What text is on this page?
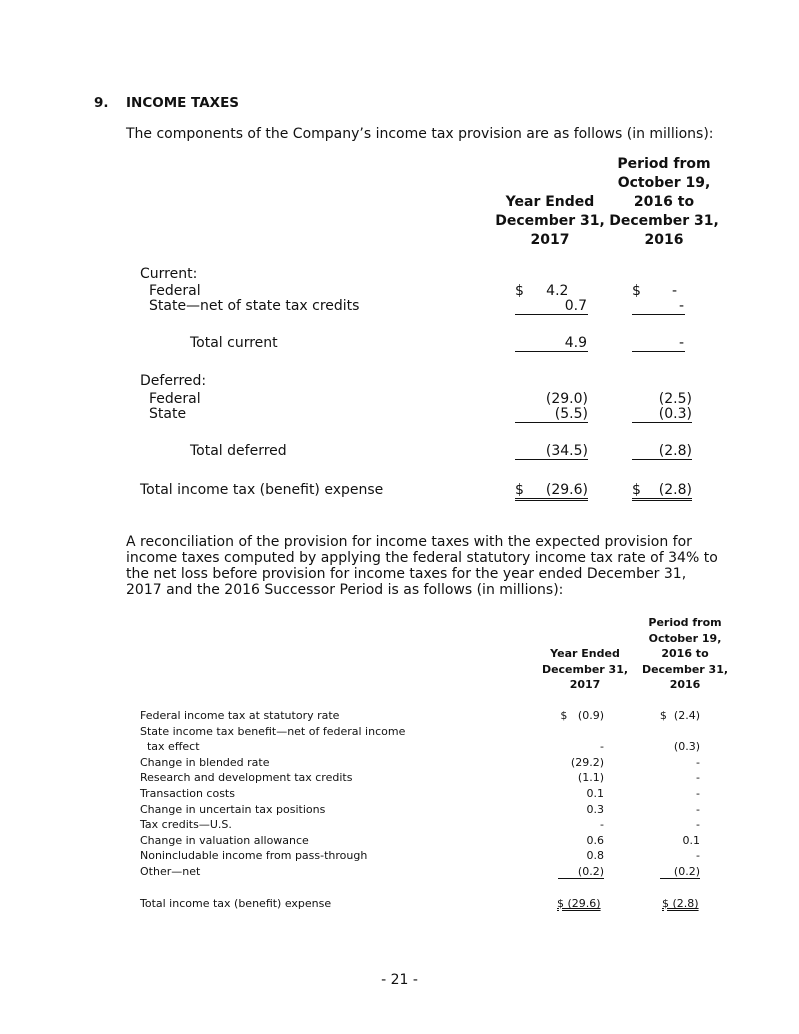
9. INCOME TAXES
The components of the Company’s income tax provision are as follows (in millions):
Year Ended
December 31,
2017
Period from
October 19,
2016 to
December 31,
2016
Current:
Federal	$     4.2	$       -
State—net of state tax credits	0.7	-
Total current	4.9	-
Deferred:
Federal	(29.0)	(2.5)
State	(5.5)	(0.3)
Total deferred	(34.5)	(2.8)
Total income tax (benefit) expense	$ (29.6)	$ (2.8)
A reconciliation of the provision for income taxes with the expected provision for income taxes computed by applying the federal statutory income tax rate of 34% to the net loss before provision for income taxes for the year ended December 31, 2017 and the 2016 Successor Period is as follows (in millions):
Year Ended
December 31,
2017
Period from
October 19,
2016 to
December 31,
2016
Federal income tax at statutory rate	$   (0.9)	$  (2.4)
State income tax benefit—net of federal income
tax effect	-	(0.3)
Change in blended rate	(29.2)	-
Research and development tax credits	(1.1)	-
Transaction costs	0.1	-
Change in uncertain tax positions	0.3	-
Tax credits—U.S.	-	-
Change in valuation allowance	0.6	0.1
Nonincludable income from pass-through	0.8	-
Other—net	(0.2)	(0.2)
Total income tax (benefit) expense	$ (29.6)	$ (2.8)
- 21 -
